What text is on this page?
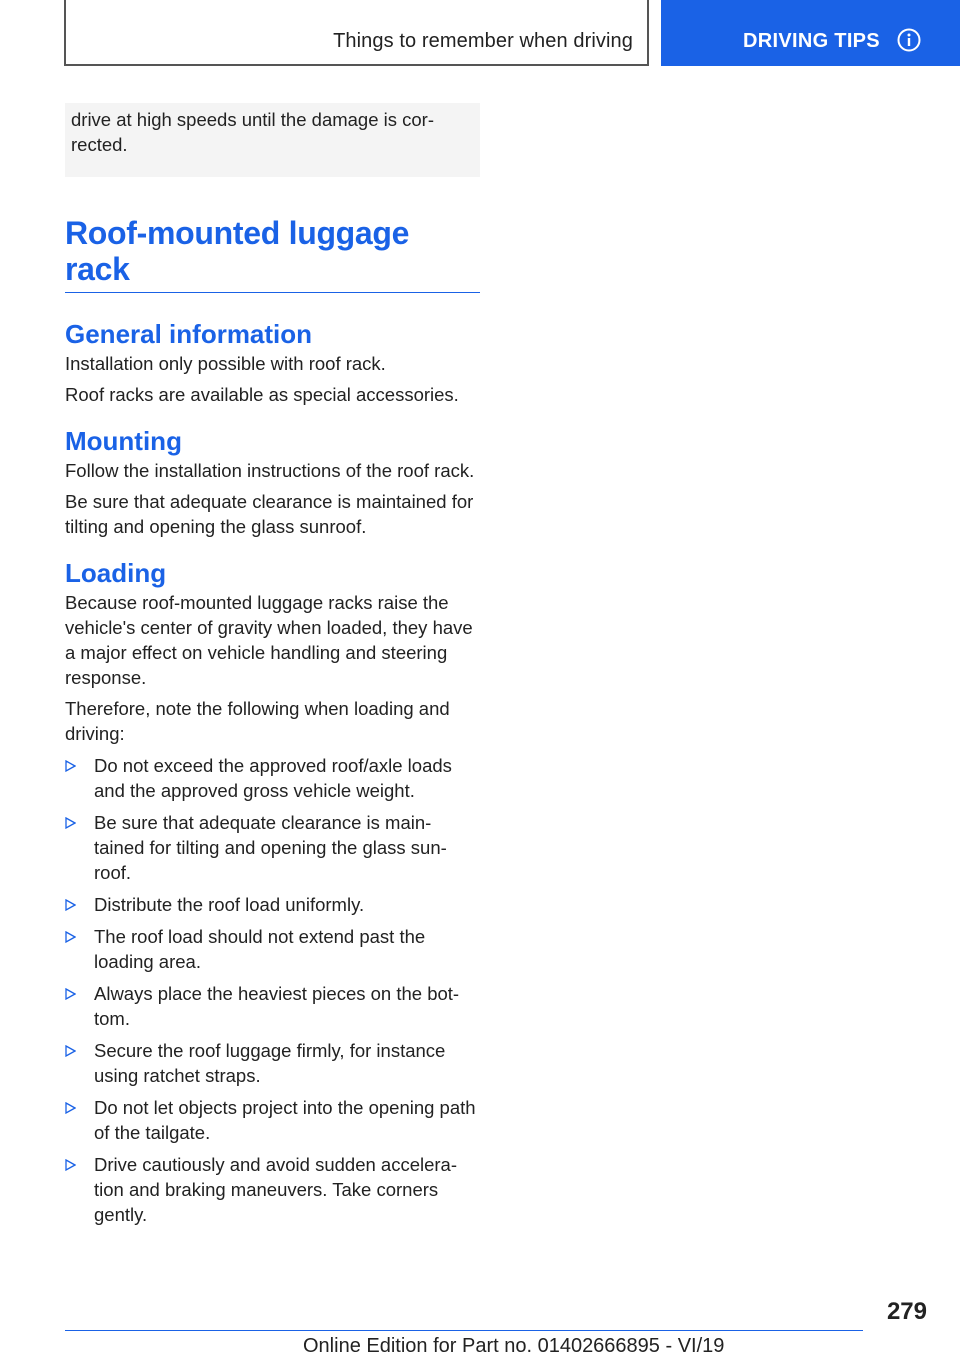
Things to remember when driving	DRIVING TIPS
drive at high speeds until the damage is cor-
rected.
Roof-mounted luggage
rack
General information

Installation only possible with roof rack.

Roof racks are available as special accessories.

Mounting

Follow the installation instructions of the roof rack.

Be sure that adequate clearance is maintained for tilting and opening the glass sunroof.

Loading

Because roof-mounted luggage racks raise the vehicle's center of gravity when loaded, they have a major effect on vehicle handling and steering response.

Therefore, note the following when loading and driving:

Do not exceed the approved roof/axle loads and the approved gross vehicle weight.
Be sure that adequate clearance is main-tained for tilting and opening the glass sun-roof.
Distribute the roof load uniformly.
The roof load should not extend past the loading area.
Always place the heaviest pieces on the bot-tom.
Secure the roof luggage firmly, for instance using ratchet straps.
Do not let objects project into the opening path of the tailgate.
Drive cautiously and avoid sudden accelera-tion and braking maneuvers. Take corners gently.
279
Online Edition for Part no. 01402666895 - VI/19
